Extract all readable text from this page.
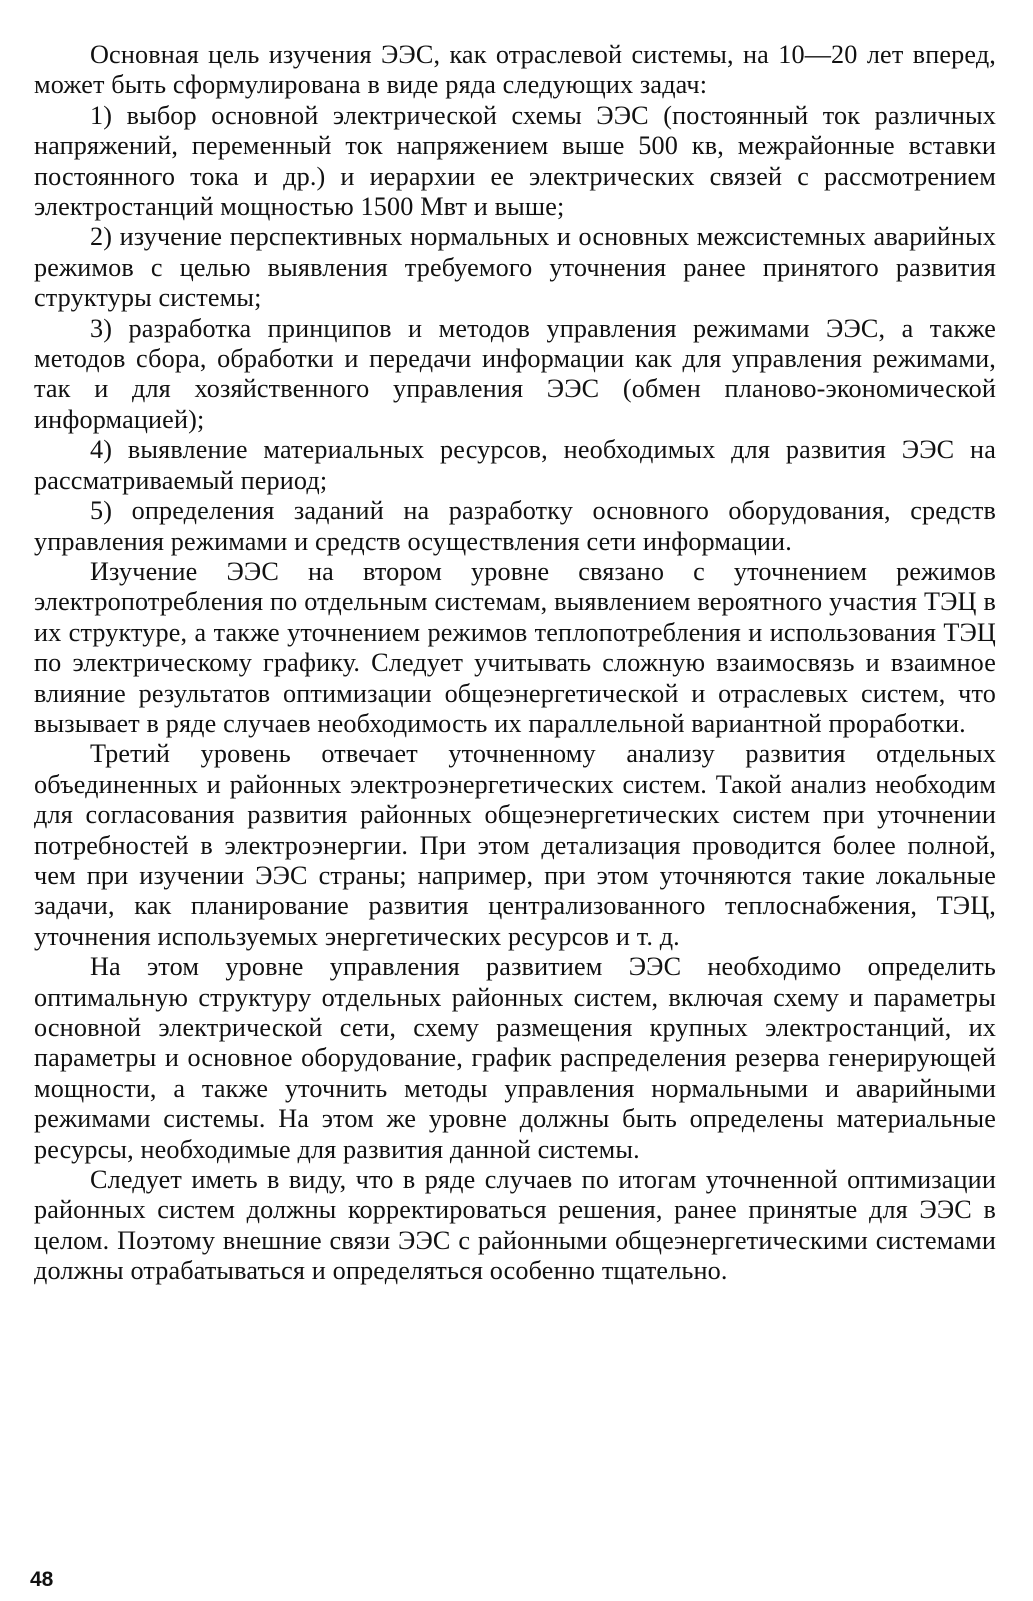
Основная цель изучения ЭЭС, как отраслевой системы, на 10—20 лет вперед, может быть сформулирована в виде ряда следующих задач:

1) выбор основной электрической схемы ЭЭС (постоянный ток различных напряжений, переменный ток напряжением выше 500 кв, межрайонные вставки постоянного тока и др.) и иерархии ее электрических связей с рассмотрением электростанций мощностью 1500 Мвт и выше;

2) изучение перспективных нормальных и основных межсистемных аварийных режимов с целью выявления требуемого уточнения ранее принятого развития структуры системы;

3) разработка принципов и методов управления режимами ЭЭС, а также методов сбора, обработки и передачи информации как для управления режимами, так и для хозяйственного управления ЭЭС (обмен планово-экономической информацией);

4) выявление материальных ресурсов, необходимых для развития ЭЭС на рассматриваемый период;

5) определения заданий на разработку основного оборудования, средств управления режимами и средств осуществления сети информации.

Изучение ЭЭС на втором уровне связано с уточнением режимов электропотребления по отдельным системам, выявлением вероятного участия ТЭЦ в их структуре, а также уточнением режимов теплопотребления и использования ТЭЦ по электрическому графику. Следует учитывать сложную взаимосвязь и взаимное влияние результатов оптимизации общеэнергетической и отраслевых систем, что вызывает в ряде случаев необходимость их параллельной вариантной проработки.

Третий уровень отвечает уточненному анализу развития отдельных объединенных и районных электроэнергетических систем. Такой анализ необходим для согласования развития районных общеэнергетических систем при уточнении потребностей в электроэнергии. При этом детализация проводится более полной, чем при изучении ЭЭС страны; например, при этом уточняются такие локальные задачи, как планирование развития централизованного теплоснабжения, ТЭЦ, уточнения используемых энергетических ресурсов и т. д.

На этом уровне управления развитием ЭЭС необходимо определить оптимальную структуру отдельных районных систем, включая схему и параметры основной электрической сети, схему размещения крупных электростанций, их параметры и основное оборудование, график распределения резерва генерирующей мощности, а также уточнить методы управления нормальными и аварийными режимами системы. На этом же уровне должны быть определены материальные ресурсы, необходимые для развития данной системы.

Следует иметь в виду, что в ряде случаев по итогам уточненной оптимизации районных систем должны корректироваться решения, ранее принятые для ЭЭС в целом. Поэтому внешние связи ЭЭС с районными общеэнергетическими системами должны отрабатываться и определяться особенно тщательно.

48
